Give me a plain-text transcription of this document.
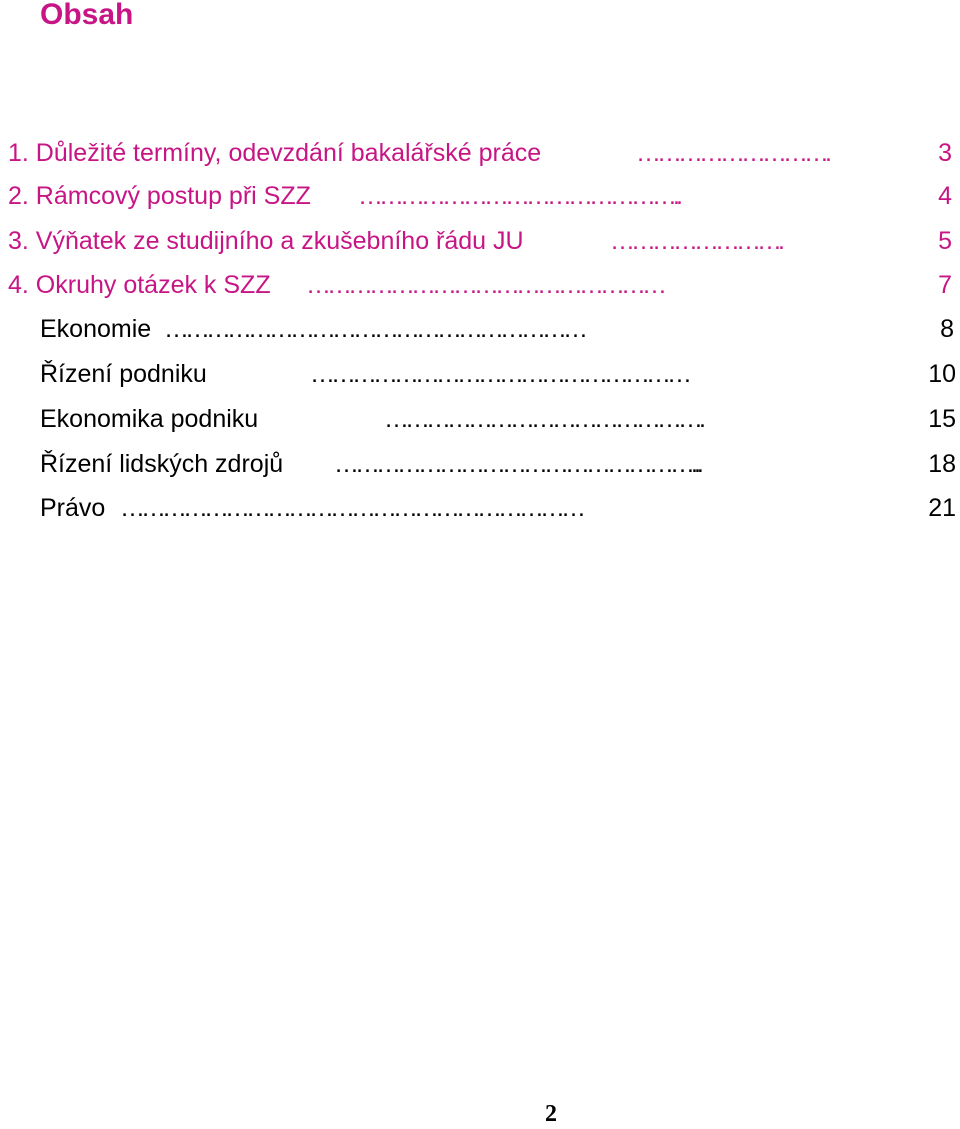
Obsah
1. Důležité termíny, odevzdání bakalářské práce	……………………….	3
2. Rámcový postup při SZZ ………………………………………..	4
3. Výňatek ze studijního a zkušebního řádu JU	…………………….	5
4. Okruhy otázek k SZZ ……………………………………………	7
Ekonomie ……………………………………………………	8
Řízení podniku	………………………………………………	10
Ekonomika podniku	……………………………………….	15
Řízení lidských zdrojů ……………………………………………...	18
Právo …………………………………………………………	21
2
